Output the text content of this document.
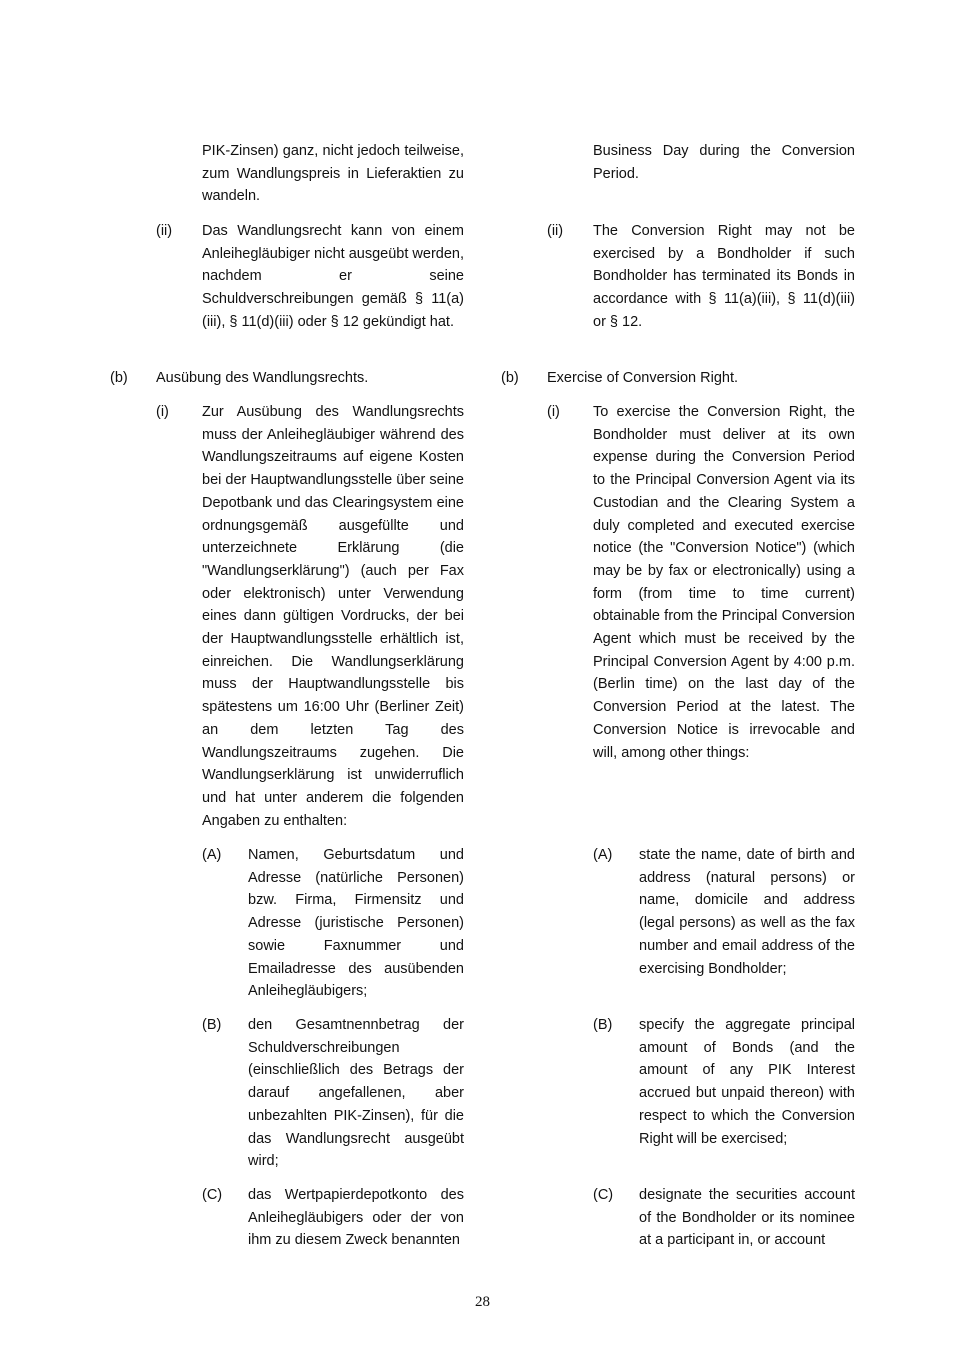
PIK-Zinsen) ganz, nicht jedoch teilweise, zum Wandlungspreis in Lieferaktien zu wandeln.

(ii) Das Wandlungsrecht kann von einem Anleihegläubiger nicht ausgeübt werden, nachdem er seine Schuldverschreibungen gemäß § 11(a)(iii), § 11(d)(iii) oder § 12 gekündigt hat.

(b) Ausübung des Wandlungsrechts.
(i) Zur Ausübung des Wandlungsrechts muss der Anleihegläubiger während des Wandlungszeitraums auf eigene Kosten bei der Hauptwandlungsstelle über seine Depotbank und das Clearingsystem eine ordnungsgemäß ausgefüllte und unterzeichnete Erklärung (die "Wandlungserklärung") (auch per Fax oder elektronisch) unter Verwendung eines dann gültigen Vordrucks, der bei der Hauptwandlungsstelle erhältlich ist, einreichen. Die Wandlungserklärung muss der Hauptwandlungsstelle bis spätestens um 16:00 Uhr (Berliner Zeit) an dem letzten Tag des Wandlungszeitraums zugehen. Die Wandlungserklärung ist unwiderruflich und hat unter anderem die folgenden Angaben zu enthalten:

(A) Namen, Geburtsdatum und Adresse (natürliche Personen) bzw. Firma, Firmensitz und Adresse (juristische Personen) sowie Faxnummer und Emailadresse des ausübenden Anleihegläubigers;

(B) den Gesamtnennbetrag der Schuldverschreibungen (einschließlich des Betrags der darauf angefallenen, aber unbezahlten PIK-Zinsen), für die das Wandlungsrecht ausgeübt wird;

(C) das Wertpapierdepotkonto des Anleihegläubigers oder der von ihm zu diesem Zweck benannten

Business Day during the Conversion Period.

(ii) The Conversion Right may not be exercised by a Bondholder if such Bondholder has terminated its Bonds in accordance with § 11(a)(iii), § 11(d)(iii) or § 12.

(b) Exercise of Conversion Right.
(i) To exercise the Conversion Right, the Bondholder must deliver at its own expense during the Conversion Period to the Principal Conversion Agent via its Custodian and the Clearing System a duly completed and executed exercise notice (the "Conversion Notice") (which may be by fax or electronically) using a form (from time to time current) obtainable from the Principal Conversion Agent which must be received by the Principal Conversion Agent by 4:00 p.m. (Berlin time) on the last day of the Conversion Period at the latest. The Conversion Notice is irrevocable and will, among other things:

(A) state the name, date of birth and address (natural persons) or name, domicile and address (legal persons) as well as the fax number and email address of the exercising Bondholder;

(B) specify the aggregate principal amount of Bonds (and the amount of any PIK Interest accrued but unpaid thereon) with respect to which the Conversion Right will be exercised;

(C) designate the securities account of the Bondholder or its nominee at a participant in, or account

28
